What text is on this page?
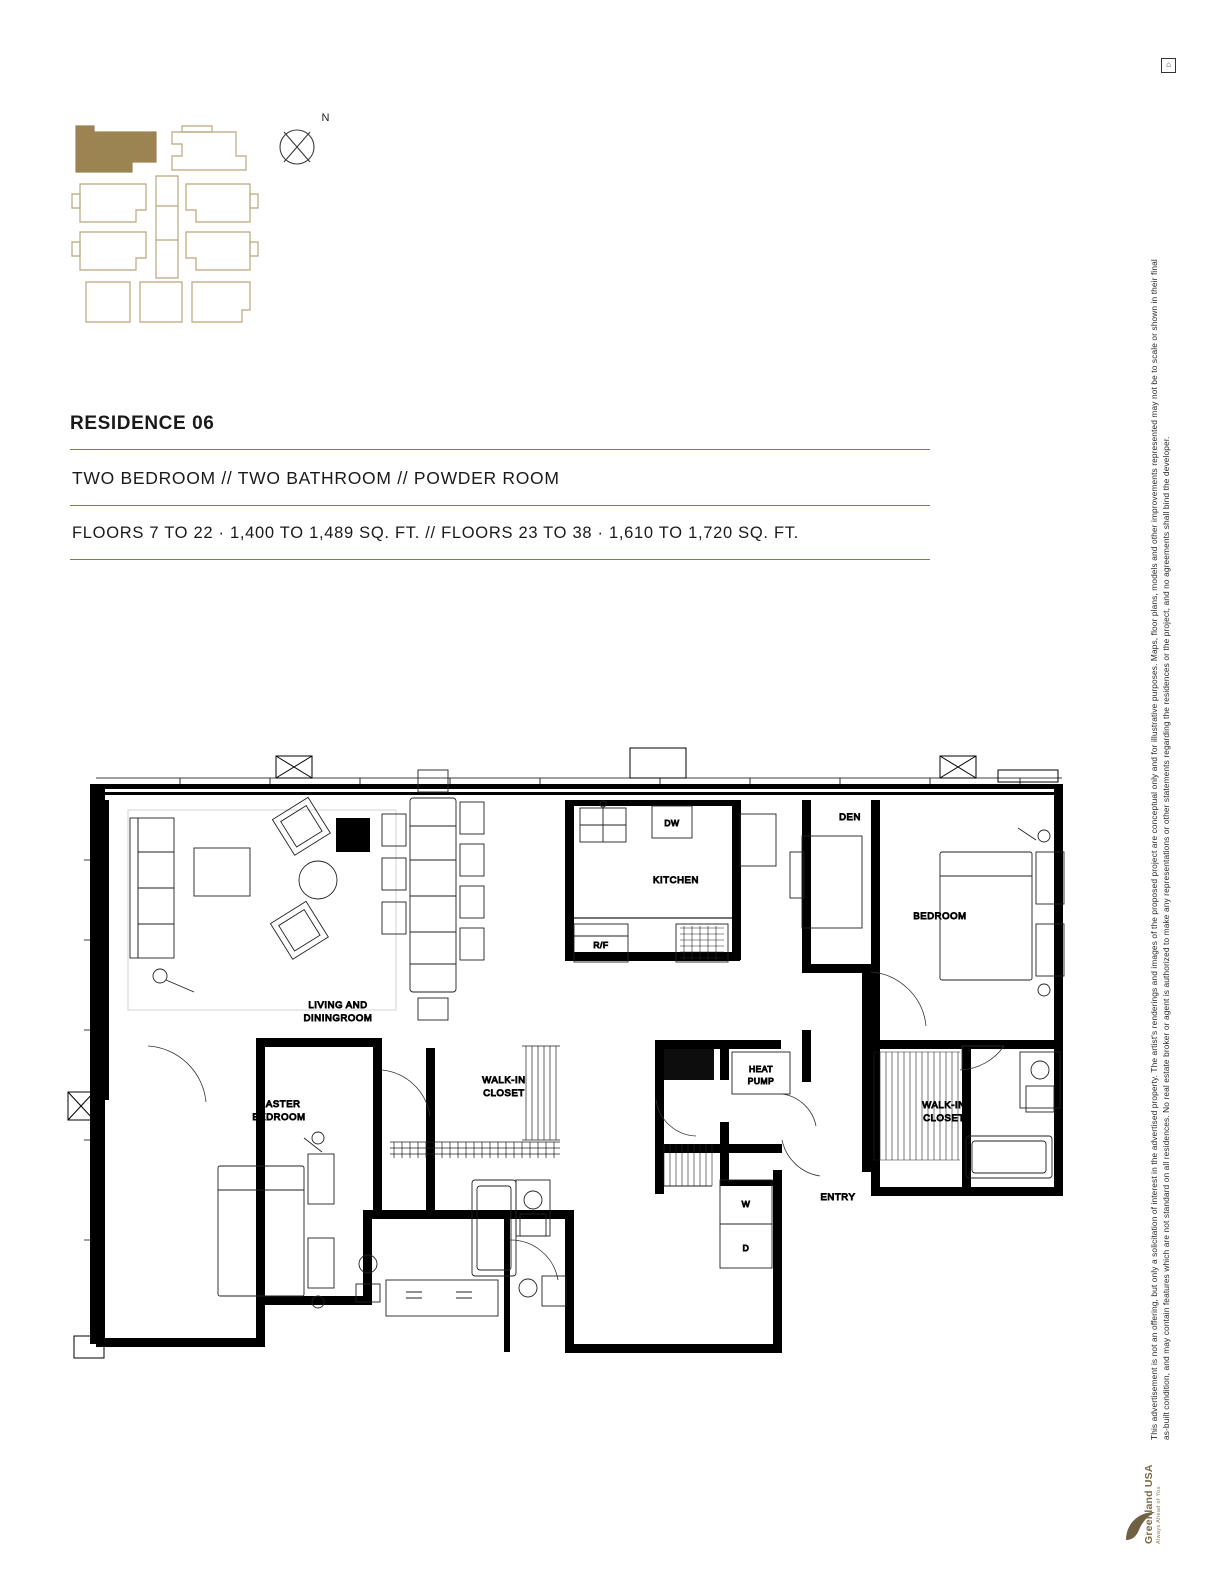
N
RESIDENCE 06
TWO BEDROOM // TWO BATHROOM // POWDER ROOM
FLOORS 7 TO 22 · 1,400 TO 1,489 SQ. FT. // FLOORS 23 TO 38 · 1,610 TO 1,720 SQ. FT.
LIVING AND
DININGROOM
KITCHEN
DEN
BEDROOM
MASTER
BEDROOM
WALK-IN
CLOSET
WALK-IN
CLOSET
ENTRY
DW
R/F
HEAT
PUMP
W
D
⌂
This advertisement is not an offering, but only a solicitation of interest in the advertised property. The artist's renderings and images of the proposed project are conceptual only and for illustrative purposes. Maps, floor plans, models and other improvements represented may not be to scale or shown in their final as-built condition, and may contain features which are not standard on all residences. No real estate broker or agent is authorized to make any representations or other statements regarding the residences or the project, and no agreements shall bind the developer.
Greenland USA Always Ahead of You
